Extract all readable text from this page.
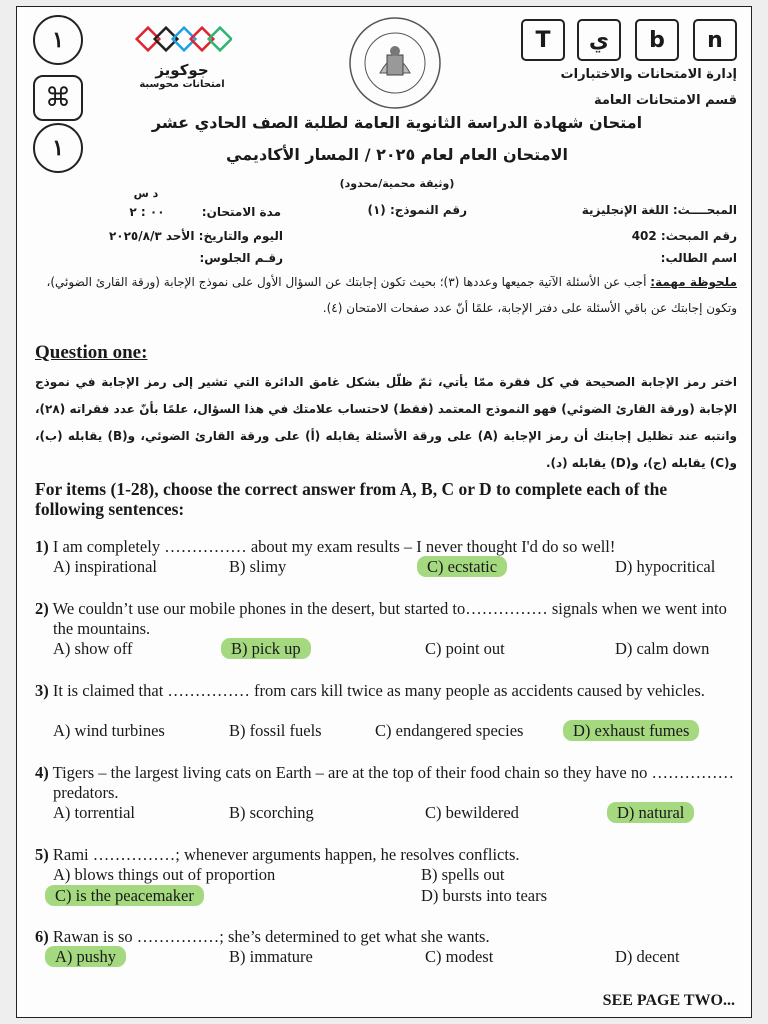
١
⌘
١
جوكويز
امتحانات محوسبة
T	ي	b	n
إدارة الامتحانات والاختبارات
قسم الامتحانات العامة
امتحان شهادة الدراسة الثانوية العامة لطلبة الصف الحادي عشر
الامتحان العام لعام ٢٠٢٥ / المسار الأكاديمي
(وثيقة محمية/محدود)
المبحــــث: اللغة الإنجليزية
رقم النموذج: (١)
د س
٠٠ : ٢	مدة الامتحان:
رقم المبحث: 402
اليوم والتاريخ: الأحد ٢٠٢٥/٨/٣
اسم الطالب:
رقـم الجلوس:
ملحوظة مهمة: أجب عن الأسئلة الآتية جميعها وعددها (٣)؛ بحيث تكون إجابتك عن السؤال الأول على نموذج الإجابة (ورقة القارئ الضوئي)، وتكون إجابتك عن باقي الأسئلة على دفتر الإجابة، علمًا أنّ عدد صفحات الامتحان (٤).
Question one:
اختر رمز الإجابة الصحيحة في كل فقرة ممّا يأتي، ثمّ ظلّل بشكل غامق الدائرة التي تشير إلى رمز الإجابة في نموذج الإجابة (ورقة القارئ الضوئي) فهو النموذج المعتمد (فقط) لاحتساب علامتك في هذا السؤال، علمًا بأنّ عدد فقراته (٢٨)، وانتبه عند تظليل إجابتك أن رمز الإجابة (A) على ورقة الأسئلة يقابله (أ) على ورقة القارئ الضوئي، و(B) يقابله (ب)، و(C) يقابله (ج)، و(D) يقابله (د).
For items (1-28), choose the correct answer from A, B, C or D to complete each of the following sentences:
1) I am completely …………… about my exam results – I never thought I'd do so well!
A) inspirational	B) slimy	C) ecstatic	D) hypocritical
2) We couldn’t use our mobile phones in the desert, but started to…………… signals when we went into the mountains.
A) show off	B) pick up	C) point out	D) calm down
3) It is claimed that …………… from cars kill twice as many people as accidents caused by vehicles.
A) wind turbines	B) fossil fuels	C) endangered species	D) exhaust fumes
4) Tigers – the largest living cats on Earth – are at the top of their food chain so they have no …………… predators.
A) torrential	B) scorching	C) bewildered	D) natural
5) Rami ……………; whenever arguments happen, he resolves conflicts.
A) blows things out of proportion	B) spells out
C) is the peacemaker	D) bursts into tears
6) Rawan is so ……………; she’s determined to get what she wants.
A) pushy	B) immature	C) modest	D) decent
SEE PAGE TWO...
